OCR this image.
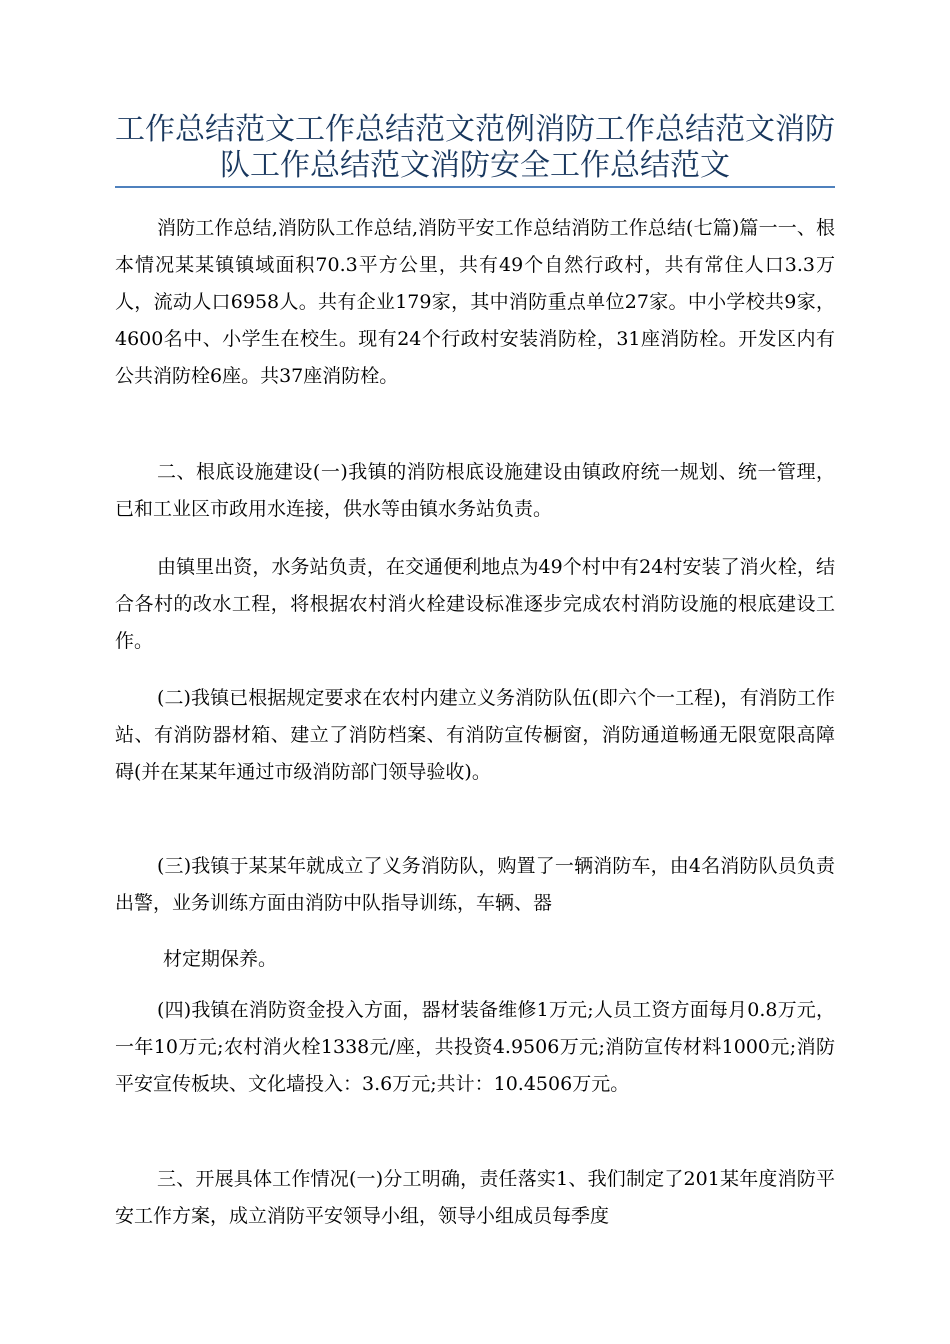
工作总结范文工作总结范文范例消防工作总结范文消防队工作总结范文消防安全工作总结范文

消防工作总结,消防队工作总结,消防平安工作总结消防工作总结(七篇)篇一一、根本情况某某镇镇域面积70.3平方公里，共有49个自然行政村，共有常住人口3.3万人，流动人口6958人。共有企业179家，其中消防重点单位27家。中小学校共9家，4600名中、小学生在校生。现有24个行政村安装消防栓，31座消防栓。开发区内有公共消防栓6座。共37座消防栓。

二、根底设施建设(一)我镇的消防根底设施建设由镇政府统一规划、统一管理，已和工业区市政用水连接，供水等由镇水务站负责。

由镇里出资，水务站负责，在交通便利地点为49个村中有24村安装了消火栓，结合各村的改水工程，将根据农村消火栓建设标准逐步完成农村消防设施的根底建设工作。

(二)我镇已根据规定要求在农村内建立义务消防队伍(即六个一工程)，有消防工作站、有消防器材箱、建立了消防档案、有消防宣传橱窗，消防通道畅通无限宽限高障碍(并在某某年通过市级消防部门领导验收)。

(三)我镇于某某年就成立了义务消防队，购置了一辆消防车，由4名消防队员负责出警，业务训练方面由消防中队指导训练，车辆、器

材定期保养。

(四)我镇在消防资金投入方面，器材装备维修1万元;人员工资方面每月0.8万元，一年10万元;农村消火栓1338元/座，共投资4.9506万元;消防宣传材料1000元;消防平安宣传板块、文化墙投入：3.6万元;共计：10.4506万元。

三、开展具体工作情况(一)分工明确，责任落实1、我们制定了201某年度消防平安工作方案，成立消防平安领导小组，领导小组成员每季度
